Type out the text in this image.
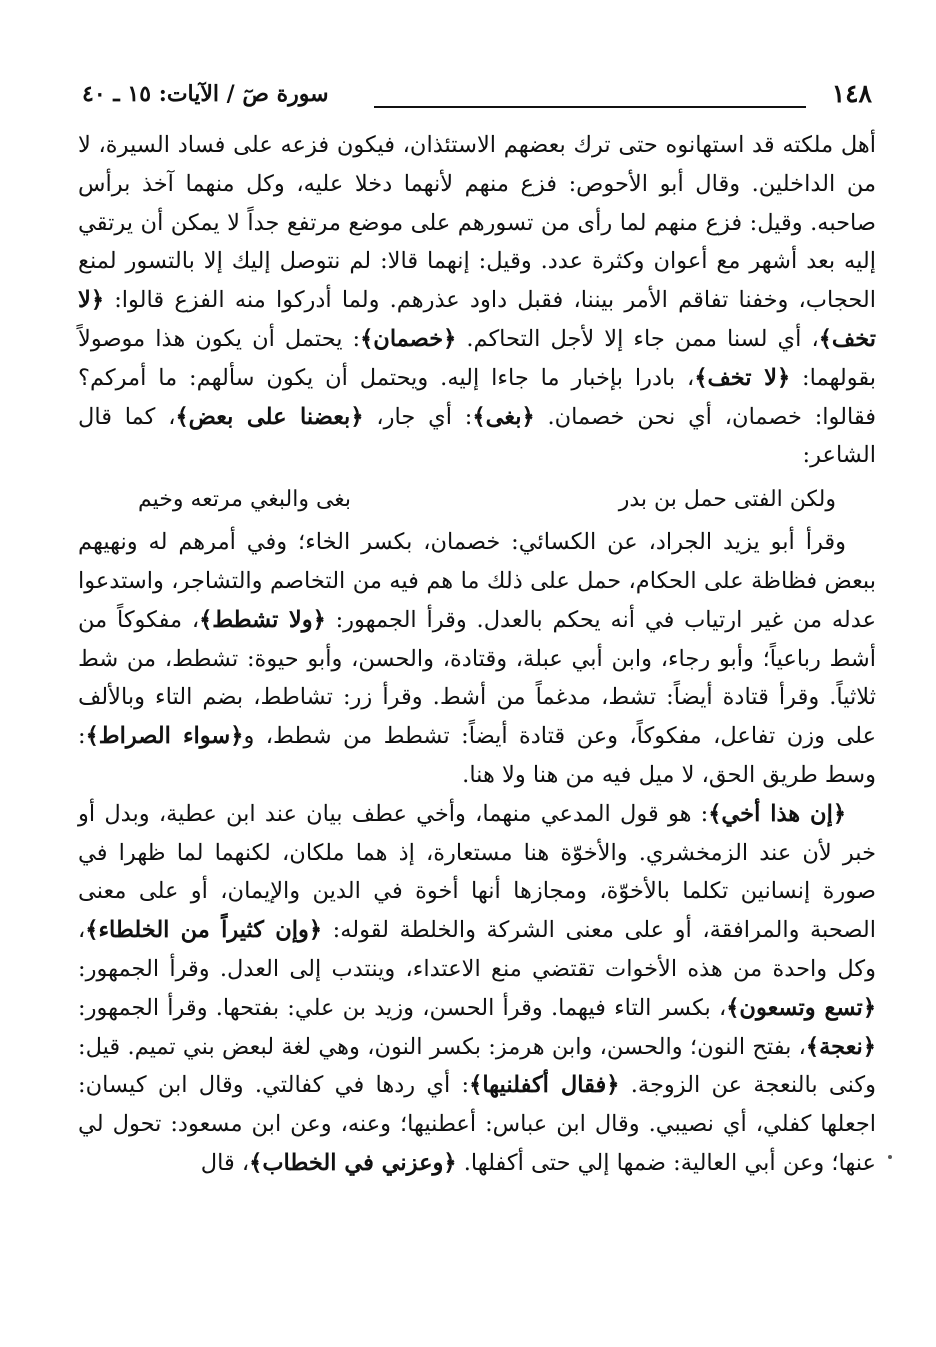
١٤٨
سورة صٓ / الآيات: ١٥ ـ ٤٠

أهل ملكته قد استهانوه حتى ترك بعضهم الاستئذان، فيكون فزعه على فساد السيرة، لا من الداخلين. وقال أبو الأحوص: فزع منهم لأنهما دخلا عليه، وكل منهما آخذ برأس صاحبه. وقيل: فزع منهم لما رأى من تسورهم على موضع مرتفع جداً لا يمكن أن يرتقي إليه بعد أشهر مع أعوان وكثرة عدد. وقيل: إنهما قالا: لم نتوصل إليك إلا بالتسور لمنع الحجاب، وخفنا تفاقم الأمر بيننا، فقبل داود عذرهم. ولما أدركوا منه الفزع قالوا: ﴿لا تخف﴾، أي لسنا ممن جاء إلا لأجل التحاكم. ﴿خصمان﴾: يحتمل أن يكون هذا موصولاً بقولهما: ﴿لا تخف﴾، بادرا بإخبار ما جاءا إليه. ويحتمل أن يكون سألهم: ما أمركم؟ فقالوا: خصمان، أي نحن خصمان. ﴿بغى﴾: أي جار، ﴿بعضنا على بعض﴾، كما قال الشاعر:

ولكن الفتى حمل بن بدر
بغى والبغي مرتعه وخيم

وقرأ أبو يزيد الجراد، عن الكسائي: خصمان، بكسر الخاء؛ وفي أمرهم له ونهيهم ببعض فظاظة على الحكام، حمل على ذلك ما هم فيه من التخاصم والتشاجر، واستدعوا عدله من غير ارتياب في أنه يحكم بالعدل. وقرأ الجمهور: ﴿ولا تشطط﴾، مفكوكاً من أشط رباعياً؛ وأبو رجاء، وابن أبي عبلة، وقتادة، والحسن، وأبو حيوة: تشطط، من شط ثلاثياً. وقرأ قتادة أيضاً: تشط، مدغماً من أشط. وقرأ زر: تشاطط، بضم التاء وبالألف على وزن تفاعل، مفكوكاً، وعن قتادة أيضاً: تشطط من شطط، و﴿سواء الصراط﴾: وسط طريق الحق، لا ميل فيه من هنا ولا هنا.

﴿إن هذا أخي﴾: هو قول المدعي منهما، وأخي عطف بيان عند ابن عطية، وبدل أو خبر لأن عند الزمخشري. والأخوّة هنا مستعارة، إذ هما ملكان، لكنهما لما ظهرا في صورة إنسانين تكلما بالأخوّة، ومجازها أنها أخوة في الدين والإيمان، أو على معنى الصحبة والمرافقة، أو على معنى الشركة والخلطة لقوله: ﴿وإن كثيراً من الخلطاء﴾، وكل واحدة من هذه الأخوات تقتضي منع الاعتداء، وينتدب إلى العدل. وقرأ الجمهور: ﴿تسع وتسعون﴾، بكسر التاء فيهما. وقرأ الحسن، وزيد بن علي: بفتحها. وقرأ الجمهور: ﴿نعجة﴾، بفتح النون؛ والحسن، وابن هرمز: بكسر النون، وهي لغة لبعض بني تميم. قيل: وكنى بالنعجة عن الزوجة. ﴿فقال أكفلنيها﴾: أي ردها في كفالتي. وقال ابن كيسان: اجعلها كفلي، أي نصيبي. وقال ابن عباس: أعطنيها؛ وعنه، وعن ابن مسعود: تحول لي عنها؛ وعن أبي العالية: ضمها إلي حتى أكفلها. ﴿وعزني في الخطاب﴾، قال
